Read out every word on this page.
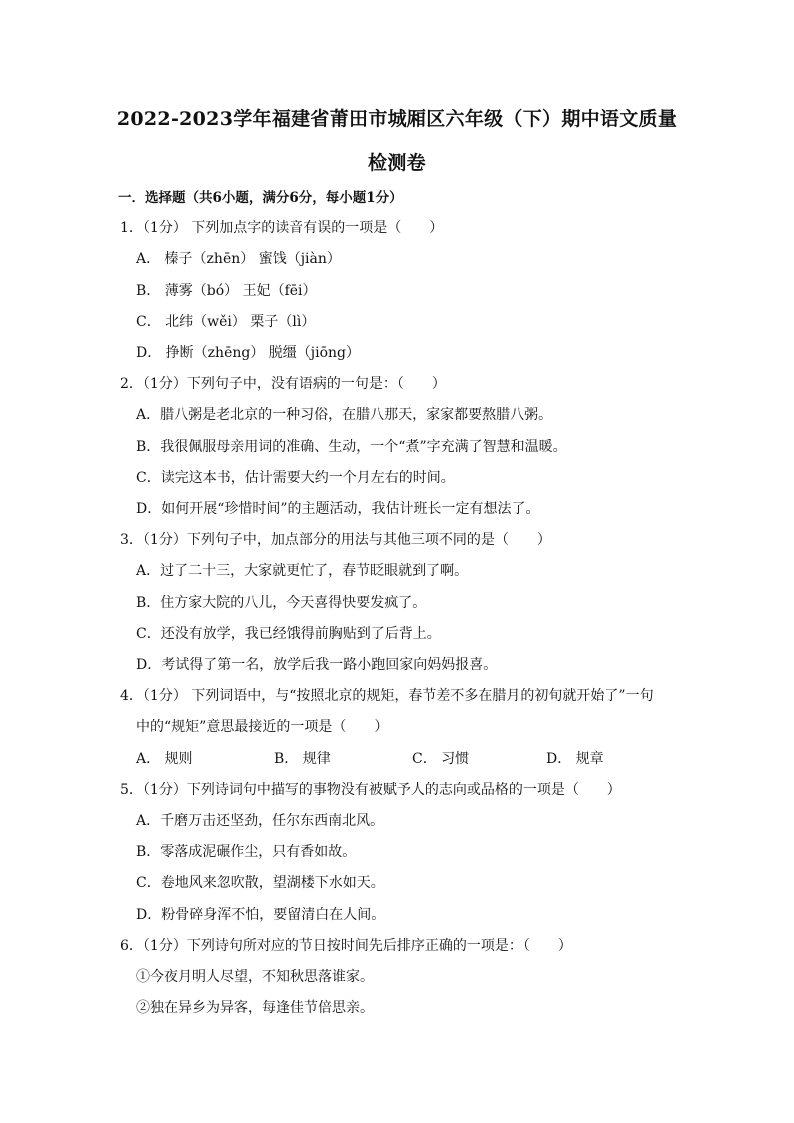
2022-2023学年福建省莆田市城厢区六年级（下）期中语文质量
检测卷
一．选择题（共6小题，满分6分，每小题1分）
1．（1分） 下列加点字的读音有误的一项是（　　）
A． 榛子（zhēn） 蜜饯（jiàn）
B． 薄雾（bó） 王妃（fēi）
C． 北纬（wěi） 栗子（lì）
D． 挣断（zhēng） 脱缰（jiōng）
2．（1分）下列句子中，没有语病的一句是：（　　）
A．腊八粥是老北京的一种习俗，在腊八那天，家家都要熬腊八粥。
B．我很佩服母亲用词的准确、生动，一个“煮”字充满了智慧和温暖。
C．读完这本书，估计需要大约一个月左右的时间。
D．如何开展“珍惜时间”的主题活动，我估计班长一定有想法了。
3．（1分）下列句子中，加点部分的用法与其他三项不同的是（　　）
A．过了二十三，大家就更忙了，春节眨眼就到了啊。
B．住方家大院的八儿，今天喜得快要发疯了。
C．还没有放学，我已经饿得前胸贴到了后背上。
D．考试得了第一名，放学后我一路小跑回家向妈妈报喜。
4．（1分） 下列词语中，与“按照北京的规矩，春节差不多在腊月的初旬就开始了”一句
中的“规矩”意思最接近的一项是（　　）
A． 规则	B． 规律	C． 习惯	D． 规章
5．（1分）下列诗词句中描写的事物没有被赋予人的志向或品格的一项是（　　）
A．千磨万击还坚劲，任尔东西南北风。
B．零落成泥碾作尘，只有香如故。
C．卷地风来忽吹散，望湖楼下水如天。
D．粉骨碎身浑不怕，要留清白在人间。
6．（1分）下列诗句所对应的节日按时间先后排序正确的一项是：（　　）
①今夜月明人尽望，不知秋思落谁家。
②独在异乡为异客，每逢佳节倍思亲。
